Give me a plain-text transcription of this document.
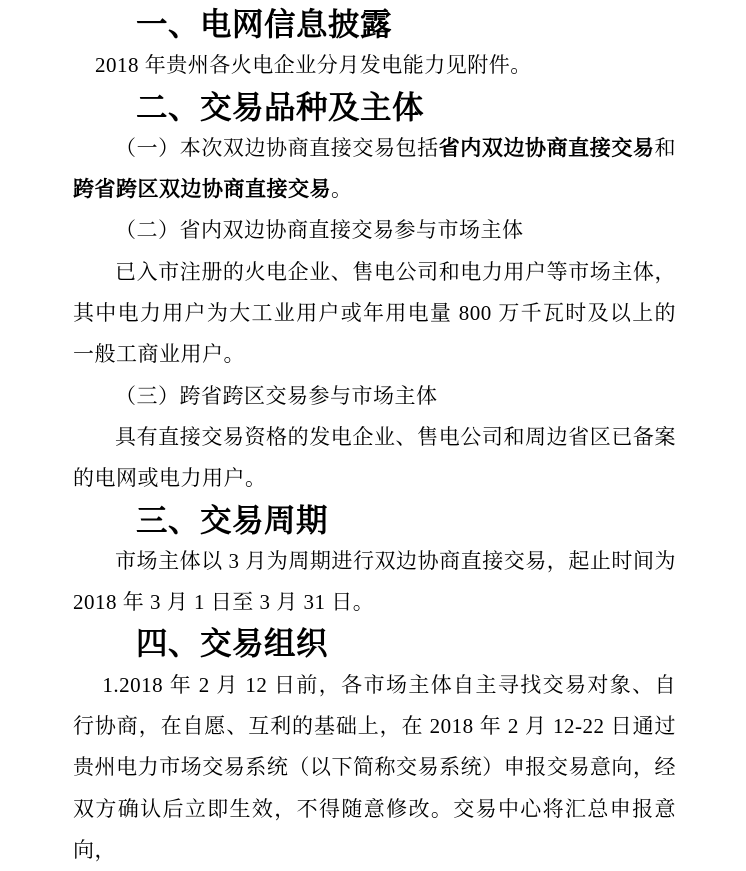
一、电网信息披露

2018 年贵州各火电企业分月发电能力见附件。

二、交易品种及主体

（一）本次双边协商直接交易包括省内双边协商直接交易和跨省跨区双边协商直接交易。

（二）省内双边协商直接交易参与市场主体

已入市注册的火电企业、售电公司和电力用户等市场主体，其中电力用户为大工业用户或年用电量 800 万千瓦时及以上的一般工商业用户。

（三）跨省跨区交易参与市场主体

具有直接交易资格的发电企业、售电公司和周边省区已备案的电网或电力用户。

三、交易周期

市场主体以 3 月为周期进行双边协商直接交易，起止时间为 2018 年 3 月 1 日至 3 月 31 日。

四、交易组织

1.2018 年 2 月 12 日前，各市场主体自主寻找交易对象、自行协商，在自愿、互利的基础上，在 2018 年 2 月 12-22 日通过贵州电力市场交易系统（以下简称交易系统）申报交易意向，经双方确认后立即生效，不得随意修改。交易中心将汇总申报意向，
